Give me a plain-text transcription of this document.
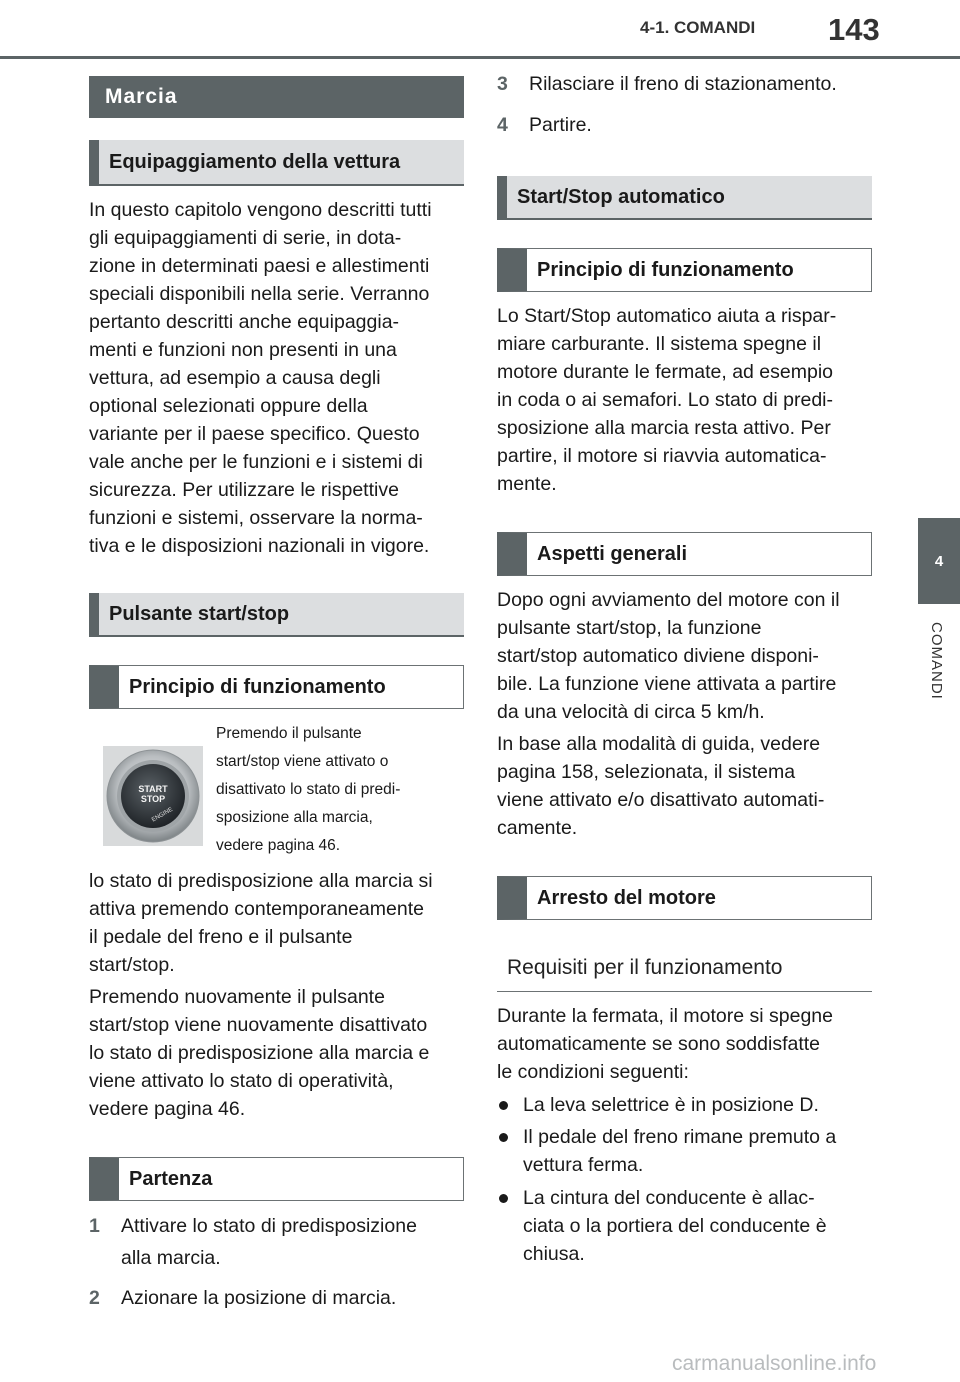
4-1. COMANDI 143
4
COMANDI
Marcia
Equipaggiamento della vettura
In questo capitolo vengono descritti tutti
gli equipaggiamenti di serie, in dota-
zione in determinati paesi e allestimenti
speciali disponibili nella serie. Verranno
pertanto descritti anche equipaggia-
menti e funzioni non presenti in una
vettura, ad esempio a causa degli
optional selezionati oppure della
variante per il paese specifico. Questo
vale anche per le funzioni e i sistemi di
sicurezza. Per utilizzare le rispettive
funzioni e sistemi, osservare la norma-
tiva e le disposizioni nazionali in vigore.
Pulsante start/stop
Principio di funzionamento
START
STOP
ENGINE
Premendo il pulsante
start/stop viene attivato o
disattivato lo stato di predi-
sposizione alla marcia,
vedere pagina 46.
lo stato di predisposizione alla marcia si
attiva premendo contemporaneamente
il pedale del freno e il pulsante
start/stop.
Premendo nuovamente il pulsante
start/stop viene nuovamente disattivato
lo stato di predisposizione alla marcia e
viene attivato lo stato di operatività,
vedere pagina 46.
Partenza
1	Attivare lo stato di predisposizione
alla marcia.
2	Azionare la posizione di marcia.
3	Rilasciare il freno di stazionamento.
4	Partire.
Start/Stop automatico
Principio di funzionamento
Lo Start/Stop automatico aiuta a rispar-
miare carburante. Il sistema spegne il
motore durante le fermate, ad esempio
in coda o ai semafori. Lo stato di predi-
sposizione alla marcia resta attivo. Per
partire, il motore si riavvia automatica-
mente.
Aspetti generali
Dopo ogni avviamento del motore con il
pulsante start/stop, la funzione
start/stop automatico diviene disponi-
bile. La funzione viene attivata a partire
da una velocità di circa 5 km/h.
In base alla modalità di guida, vedere
pagina 158, selezionata, il sistema
viene attivato e/o disattivato automati-
camente.
Arresto del motore
Requisiti per il funzionamento
Durante la fermata, il motore si spegne
automaticamente se sono soddisfatte
le condizioni seguenti:
La leva selettrice è in posizione D.
Il pedale del freno rimane premuto a
vettura ferma.
La cintura del conducente è allac-
ciata o la portiera del conducente è
chiusa.
carmanualsonline.info
